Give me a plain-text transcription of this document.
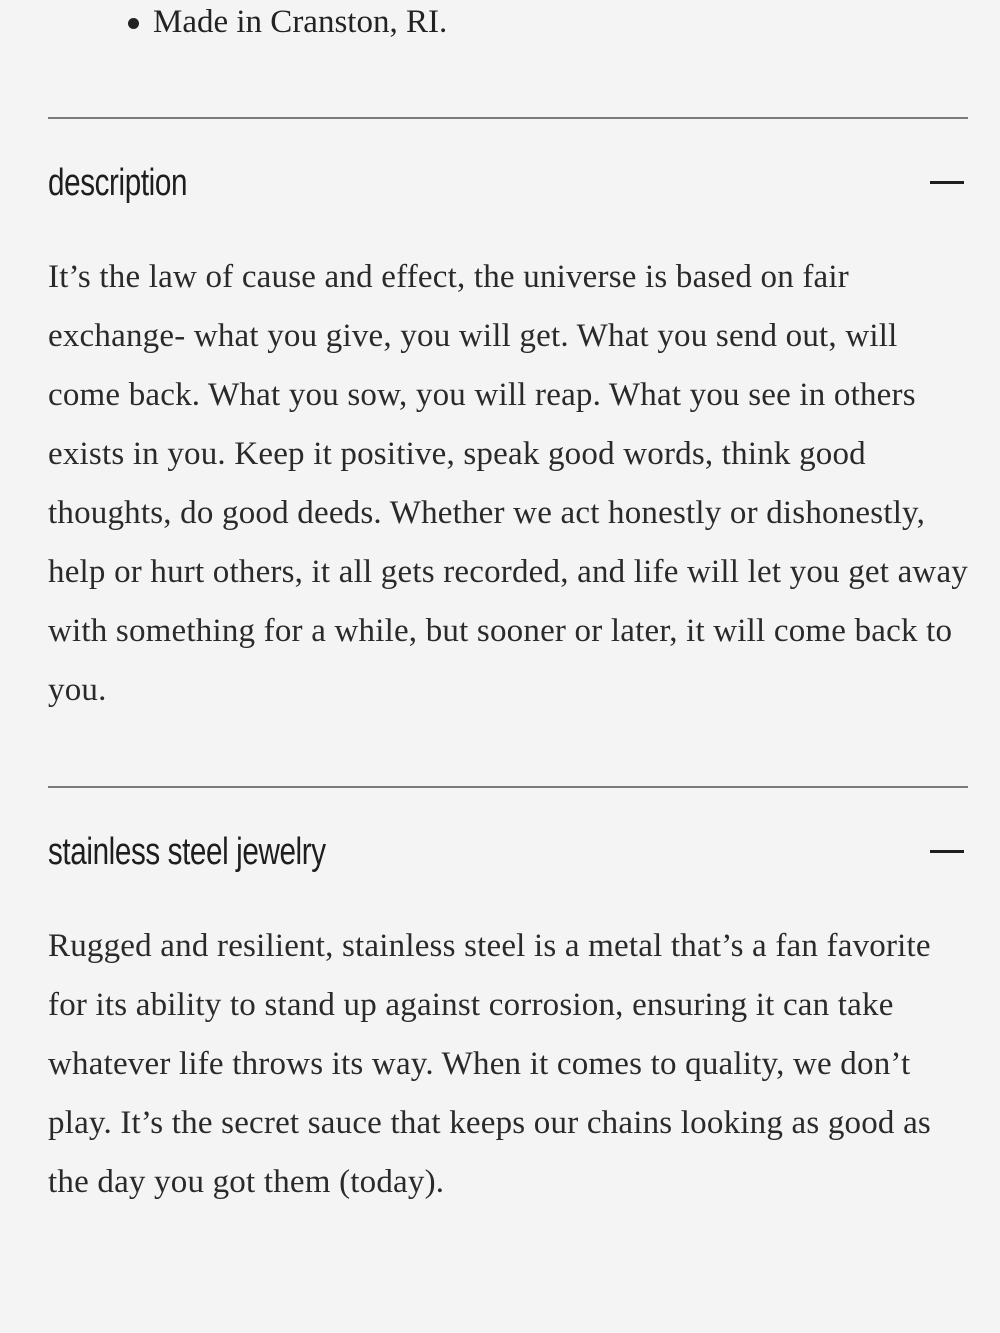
Made in Cranston, RI.
description

It’s the law of cause and effect, the universe is based on fair exchange- what you give, you will get. What you send out, will come back. What you sow, you will reap. What you see in others exists in you. Keep it positive, speak good words, think good thoughts, do good deeds. Whether we act honestly or dishonestly, help or hurt others, it all gets recorded, and life will let you get away with something for a while, but sooner or later, it will come back to you.

stainless steel jewelry

Rugged and resilient, stainless steel is a metal that’s a fan favorite for its ability to stand up against corrosion, ensuring it can take whatever life throws its way. When it comes to quality, we don’t play. It’s the secret sauce that keeps our chains looking as good as the day you got them (today).
